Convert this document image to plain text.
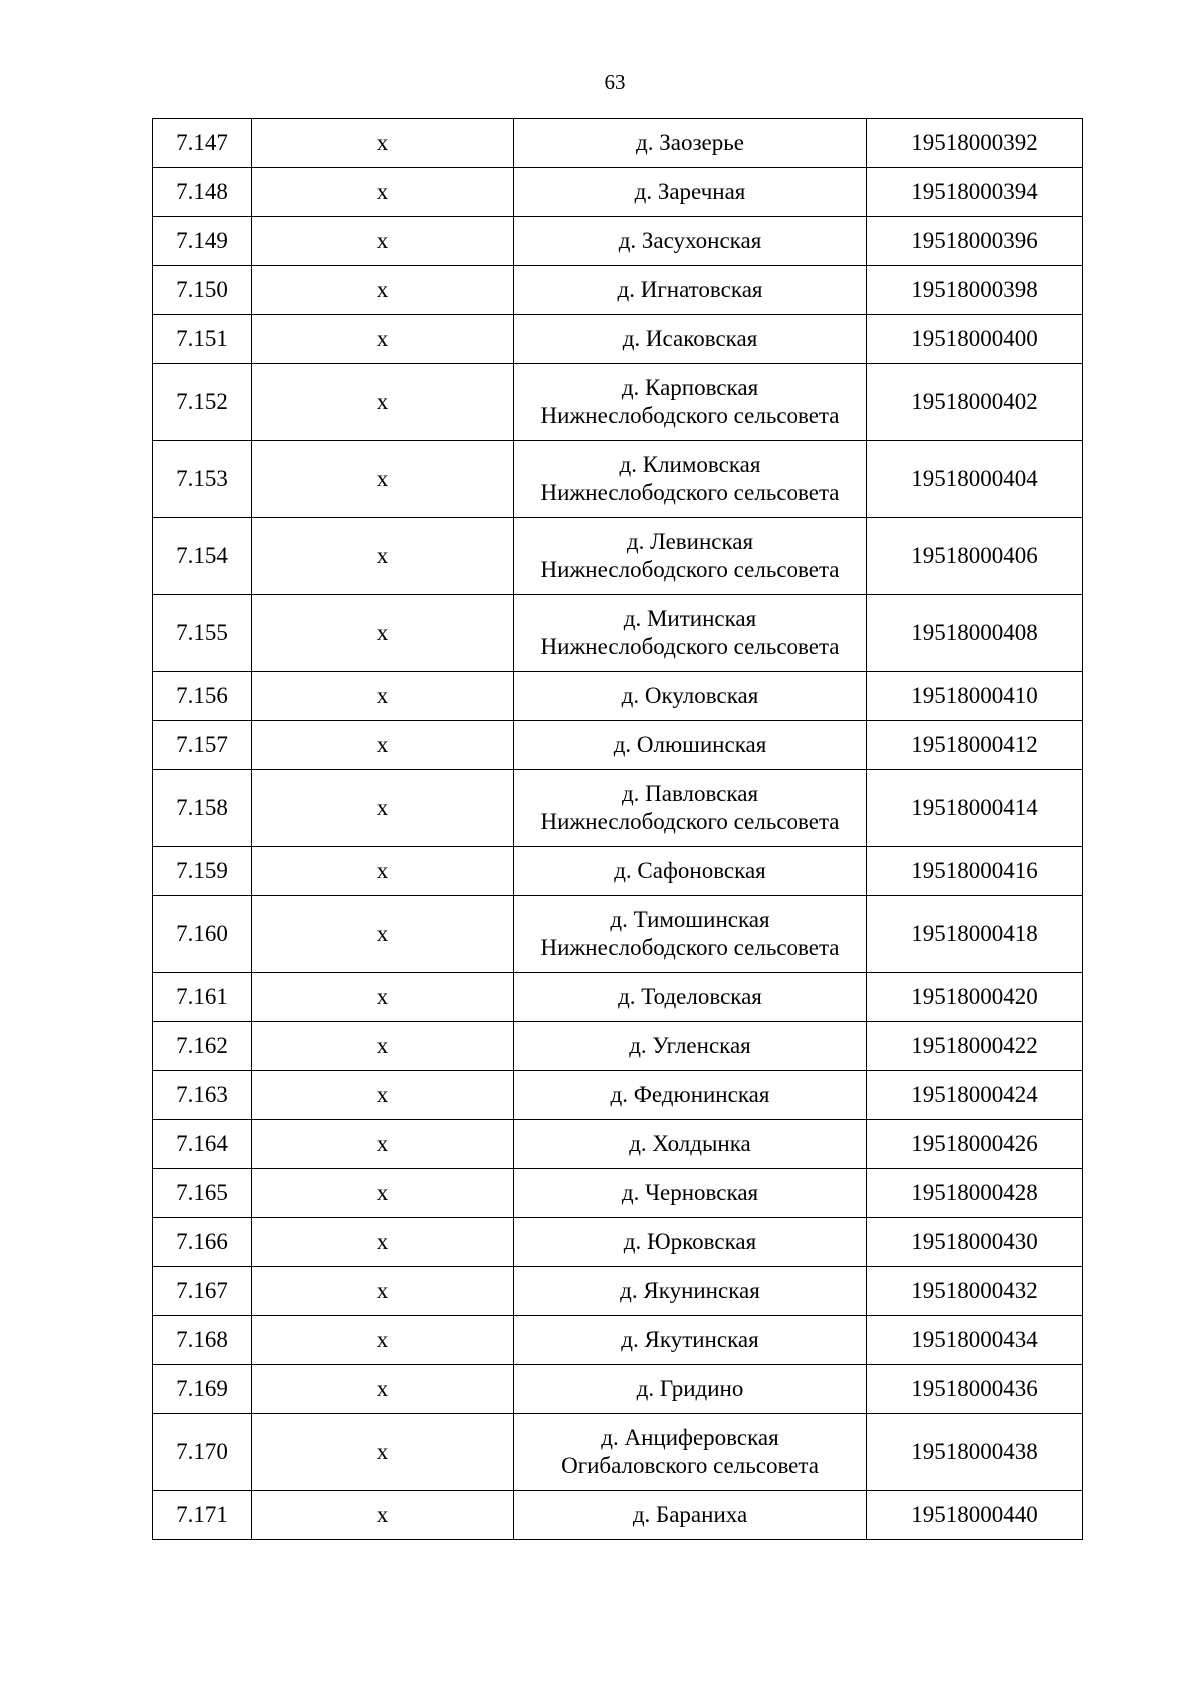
63
7.147	х	д. Заозерье	19518000392
7.148	х	д. Заречная	19518000394
7.149	х	д. Засухонская	19518000396
7.150	х	д. Игнатовская	19518000398
7.151	х	д. Исаковская	19518000400
7.152	х	д. Карповская
Нижнеслободского сельсовета	19518000402
7.153	х	д. Климовская
Нижнеслободского сельсовета	19518000404
7.154	х	д. Левинская
Нижнеслободского сельсовета	19518000406
7.155	х	д. Митинская
Нижнеслободского сельсовета	19518000408
7.156	х	д. Окуловская	19518000410
7.157	х	д. Олюшинская	19518000412
7.158	х	д. Павловская
Нижнеслободского сельсовета	19518000414
7.159	х	д. Сафоновская	19518000416
7.160	х	д. Тимошинская
Нижнеслободского сельсовета	19518000418
7.161	х	д. Тоделовская	19518000420
7.162	х	д. Угленская	19518000422
7.163	х	д. Федюнинская	19518000424
7.164	х	д. Холдынка	19518000426
7.165	х	д. Черновская	19518000428
7.166	х	д. Юрковская	19518000430
7.167	х	д. Якунинская	19518000432
7.168	х	д. Якутинская	19518000434
7.169	х	д. Гридино	19518000436
7.170	х	д. Анциферовская
Огибаловского сельсовета	19518000438
7.171	х	д. Бараниха	19518000440
